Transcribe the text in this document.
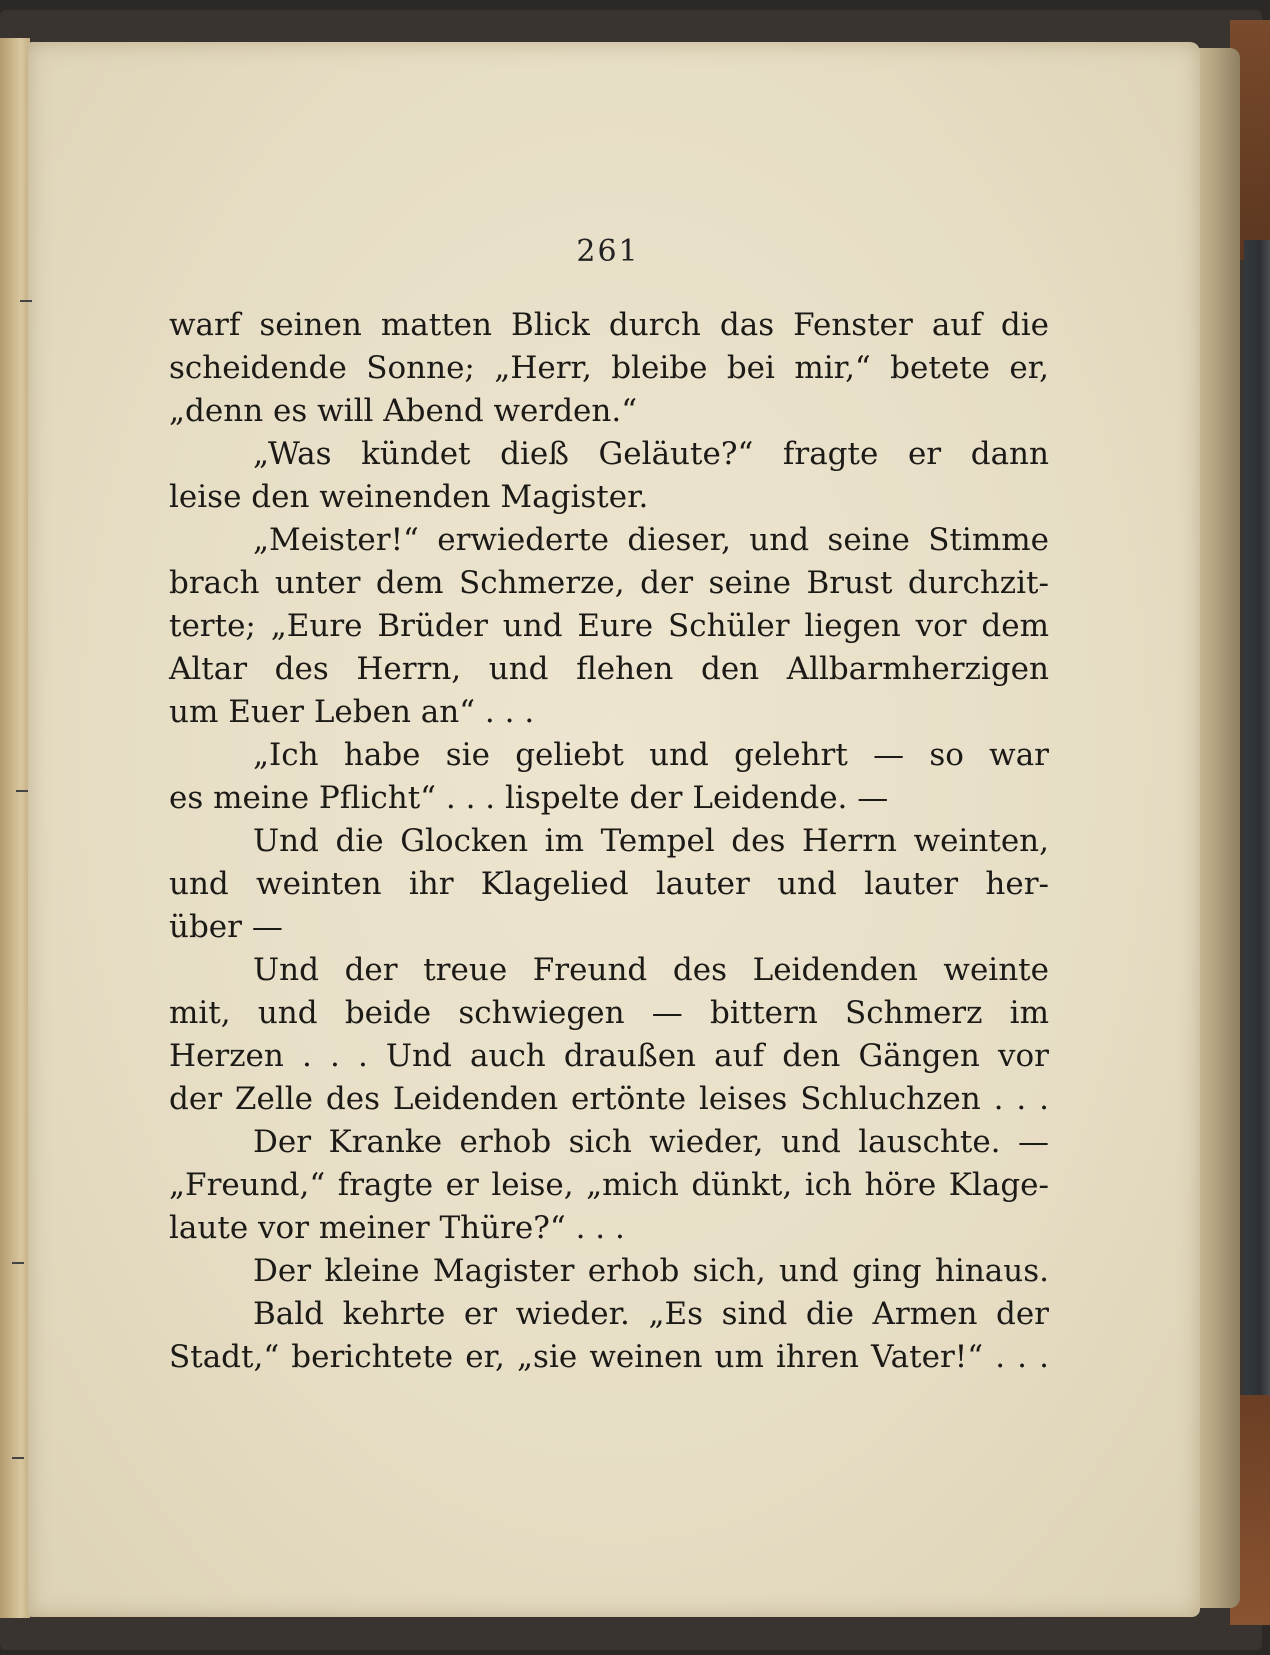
261
warf seinen matten Blick durch das Fenster auf die
scheidende Sonne; „Herr, bleibe bei mir,“ betete er,
„denn es will Abend werden.“
„Was kündet dieß Geläute?“ fragte er dann
leise den weinenden Magister.
„Meister!“ erwiederte dieser, und seine Stimme
brach unter dem Schmerze, der seine Brust durchzit-
terte; „Eure Brüder und Eure Schüler liegen vor dem
Altar des Herrn, und flehen den Allbarmherzigen
um Euer Leben an“ . . .
„Ich habe sie geliebt und gelehrt — so war
es meine Pflicht“ . . . lispelte der Leidende. —
Und die Glocken im Tempel des Herrn weinten,
und weinten ihr Klagelied lauter und lauter her-
über —
Und der treue Freund des Leidenden weinte
mit, und beide schwiegen — bittern Schmerz im
Herzen . . . Und auch draußen auf den Gängen vor
der Zelle des Leidenden ertönte leises Schluchzen . . .
Der Kranke erhob sich wieder, und lauschte. —
„Freund,“ fragte er leise, „mich dünkt, ich höre Klage-
laute vor meiner Thüre?“ . . .
Der kleine Magister erhob sich, und ging hinaus.
Bald kehrte er wieder. „Es sind die Armen der
Stadt,“ berichtete er, „sie weinen um ihren Vater!“ . . .
